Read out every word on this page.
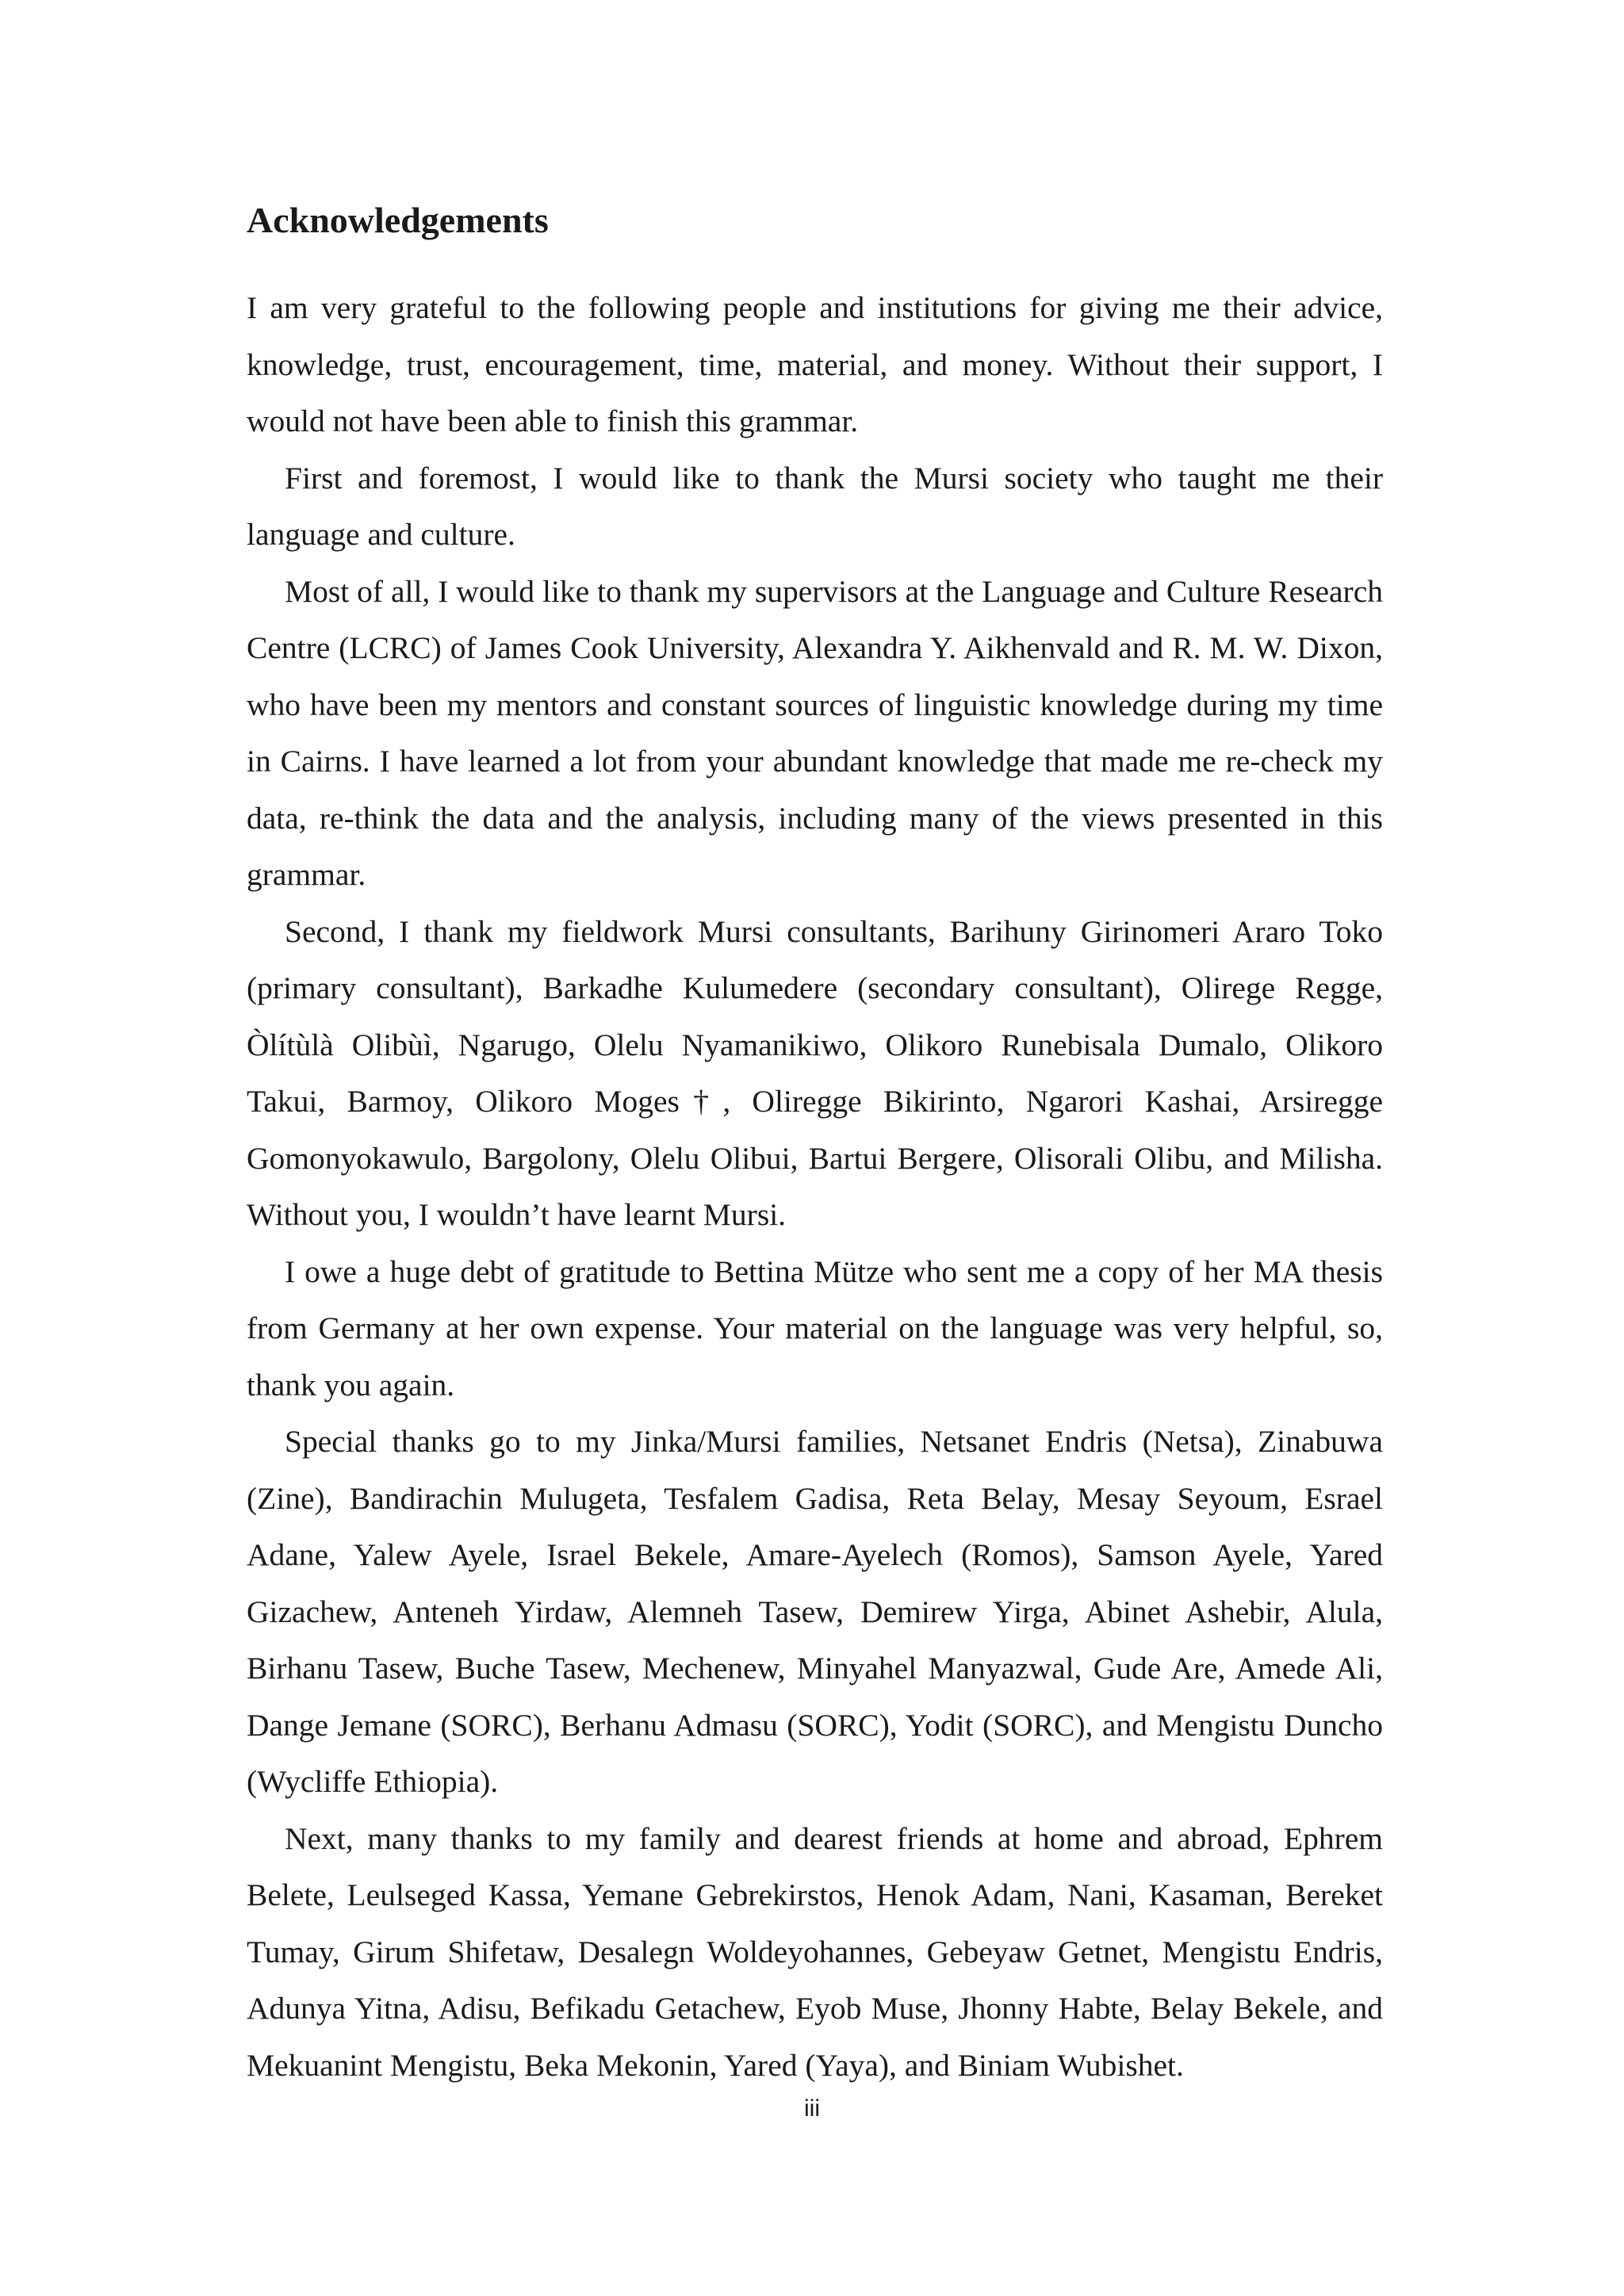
Acknowledgements

I am very grateful to the following people and institutions for giving me their advice, knowledge, trust, encouragement, time, material, and money. Without their support, I would not have been able to finish this grammar.

First and foremost, I would like to thank the Mursi society who taught me their language and culture.

Most of all, I would like to thank my supervisors at the Language and Culture Research Centre (LCRC) of James Cook University, Alexandra Y. Aikhenvald and R. M. W. Dixon, who have been my mentors and constant sources of linguistic knowledge during my time in Cairns. I have learned a lot from your abundant knowledge that made me re-check my data, re-think the data and the analysis, including many of the views presented in this grammar.

Second, I thank my fieldwork Mursi consultants, Barihuny Girinomeri Araro Toko (primary consultant), Barkadhe Kulumedere (secondary consultant), Oliregе Regge, Òlítùlà Olibùì, Ngarugo, Olelu Nyamanikiwo, Olikoro Runebisala Dumalo, Olikoro Takui, Barmoy, Olikoro Moges†, Oliregge Bikirinto, Ngarori Kashai, Arsiregge Gomonyokawulo, Bargolony, Olelu Olibui, Bartui Bergere, Olisorali Olibu, and Milisha. Without you, I wouldn’t have learnt Mursi.

I owe a huge debt of gratitude to Bettina Mütze who sent me a copy of her MA thesis from Germany at her own expense. Your material on the language was very helpful, so, thank you again.

Special thanks go to my Jinka/Mursi families, Netsanet Endris (Netsa), Zinabuwa (Zine), Bandirachin Mulugeta, Tesfalem Gadisa, Reta Belay, Mesay Seyoum, Esrael Adane, Yalew Ayele, Israel Bekele, Amare-Ayelech (Romos), Samson Ayele, Yared Gizachew, Anteneh Yirdaw, Alemneh Tasew, Demirew Yirga, Abinet Ashebir, Alula, Birhanu Tasew, Buche Tasew, Mechenew, Minyahel Manyazwal, Gude Are, Amede Ali, Dange Jemane (SORC), Berhanu Admasu (SORC), Yodit (SORC), and Mengistu Duncho (Wycliffe Ethiopia).

Next, many thanks to my family and dearest friends at home and abroad, Ephrem Belete, Leulseged Kassa, Yemane Gebrekirstos, Henok Adam, Nani, Kasaman, Bereket Tumay, Girum Shifetaw, Desalegn Woldeyohannes, Gebeyaw Getnet, Mengistu Endris, Adunya Yitna, Adisu, Befikadu Getachew, Eyob Muse, Jhonny Habte, Belay Bekele, and Mekuanint Mengistu, Beka Mekonin, Yared (Yaya), and Biniam Wubishet.

iii
